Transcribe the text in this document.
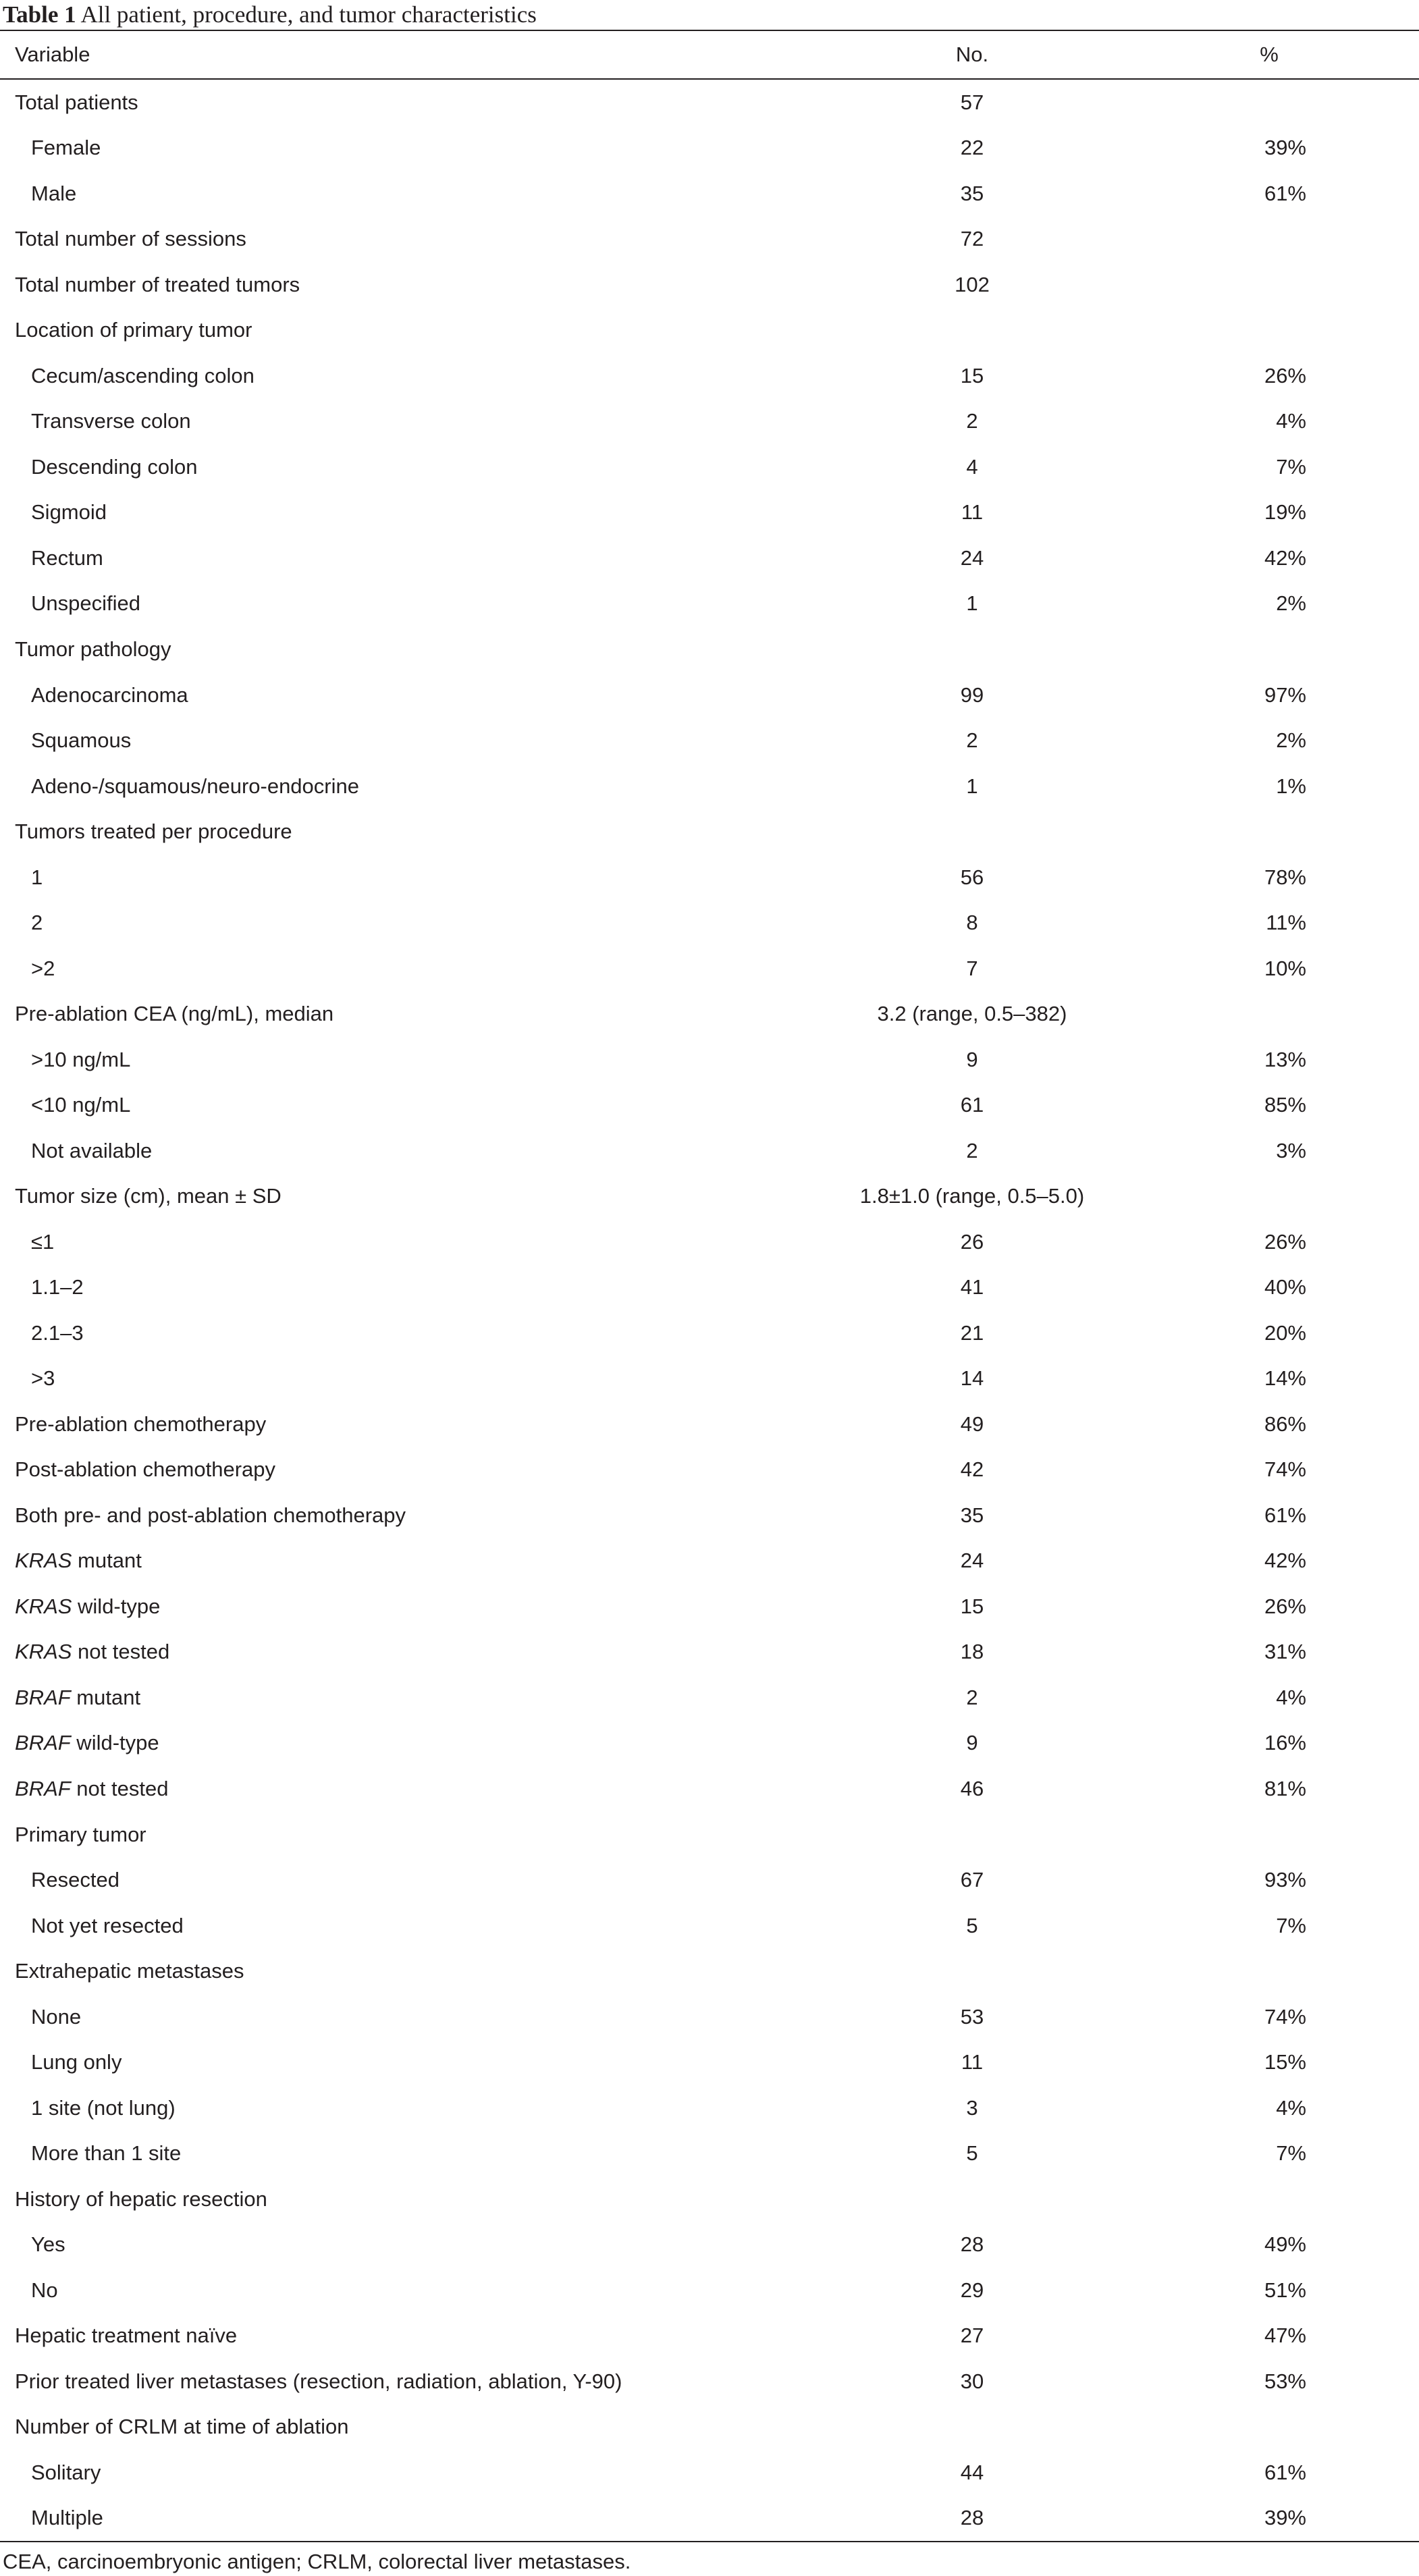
Table 1 All patient, procedure, and tumor characteristics
Variable	No.	%
Total patients	57
Female	22	39%
Male	35	61%
Total number of sessions	72
Total number of treated tumors	102
Location of primary tumor
Cecum/ascending colon	15	26%
Transverse colon	2	4%
Descending colon	4	7%
Sigmoid	11	19%
Rectum	24	42%
Unspecified	1	2%
Tumor pathology
Adenocarcinoma	99	97%
Squamous	2	2%
Adeno-/squamous/neuro-endocrine	1	1%
Tumors treated per procedure
1	56	78%
2	8	11%
>2	7	10%
Pre-ablation CEA (ng/mL), median	3.2 (range, 0.5–382)
>10 ng/mL	9	13%
<10 ng/mL	61	85%
Not available	2	3%
Tumor size (cm), mean ± SD	1.8±1.0 (range, 0.5–5.0)
≤1	26	26%
1.1–2	41	40%
2.1–3	21	20%
>3	14	14%
Pre-ablation chemotherapy	49	86%
Post-ablation chemotherapy	42	74%
Both pre- and post-ablation chemotherapy	35	61%
KRAS mutant	24	42%
KRAS wild-type	15	26%
KRAS not tested	18	31%
BRAF mutant	2	4%
BRAF wild-type	9	16%
BRAF not tested	46	81%
Primary tumor
Resected	67	93%
Not yet resected	5	7%
Extrahepatic metastases
None	53	74%
Lung only	11	15%
1 site (not lung)	3	4%
More than 1 site	5	7%
History of hepatic resection
Yes	28	49%
No	29	51%
Hepatic treatment naïve	27	47%
Prior treated liver metastases (resection, radiation, ablation, Y-90)	30	53%
Number of CRLM at time of ablation
Solitary	44	61%
Multiple	28	39%
CEA, carcinoembryonic antigen; CRLM, colorectal liver metastases.
